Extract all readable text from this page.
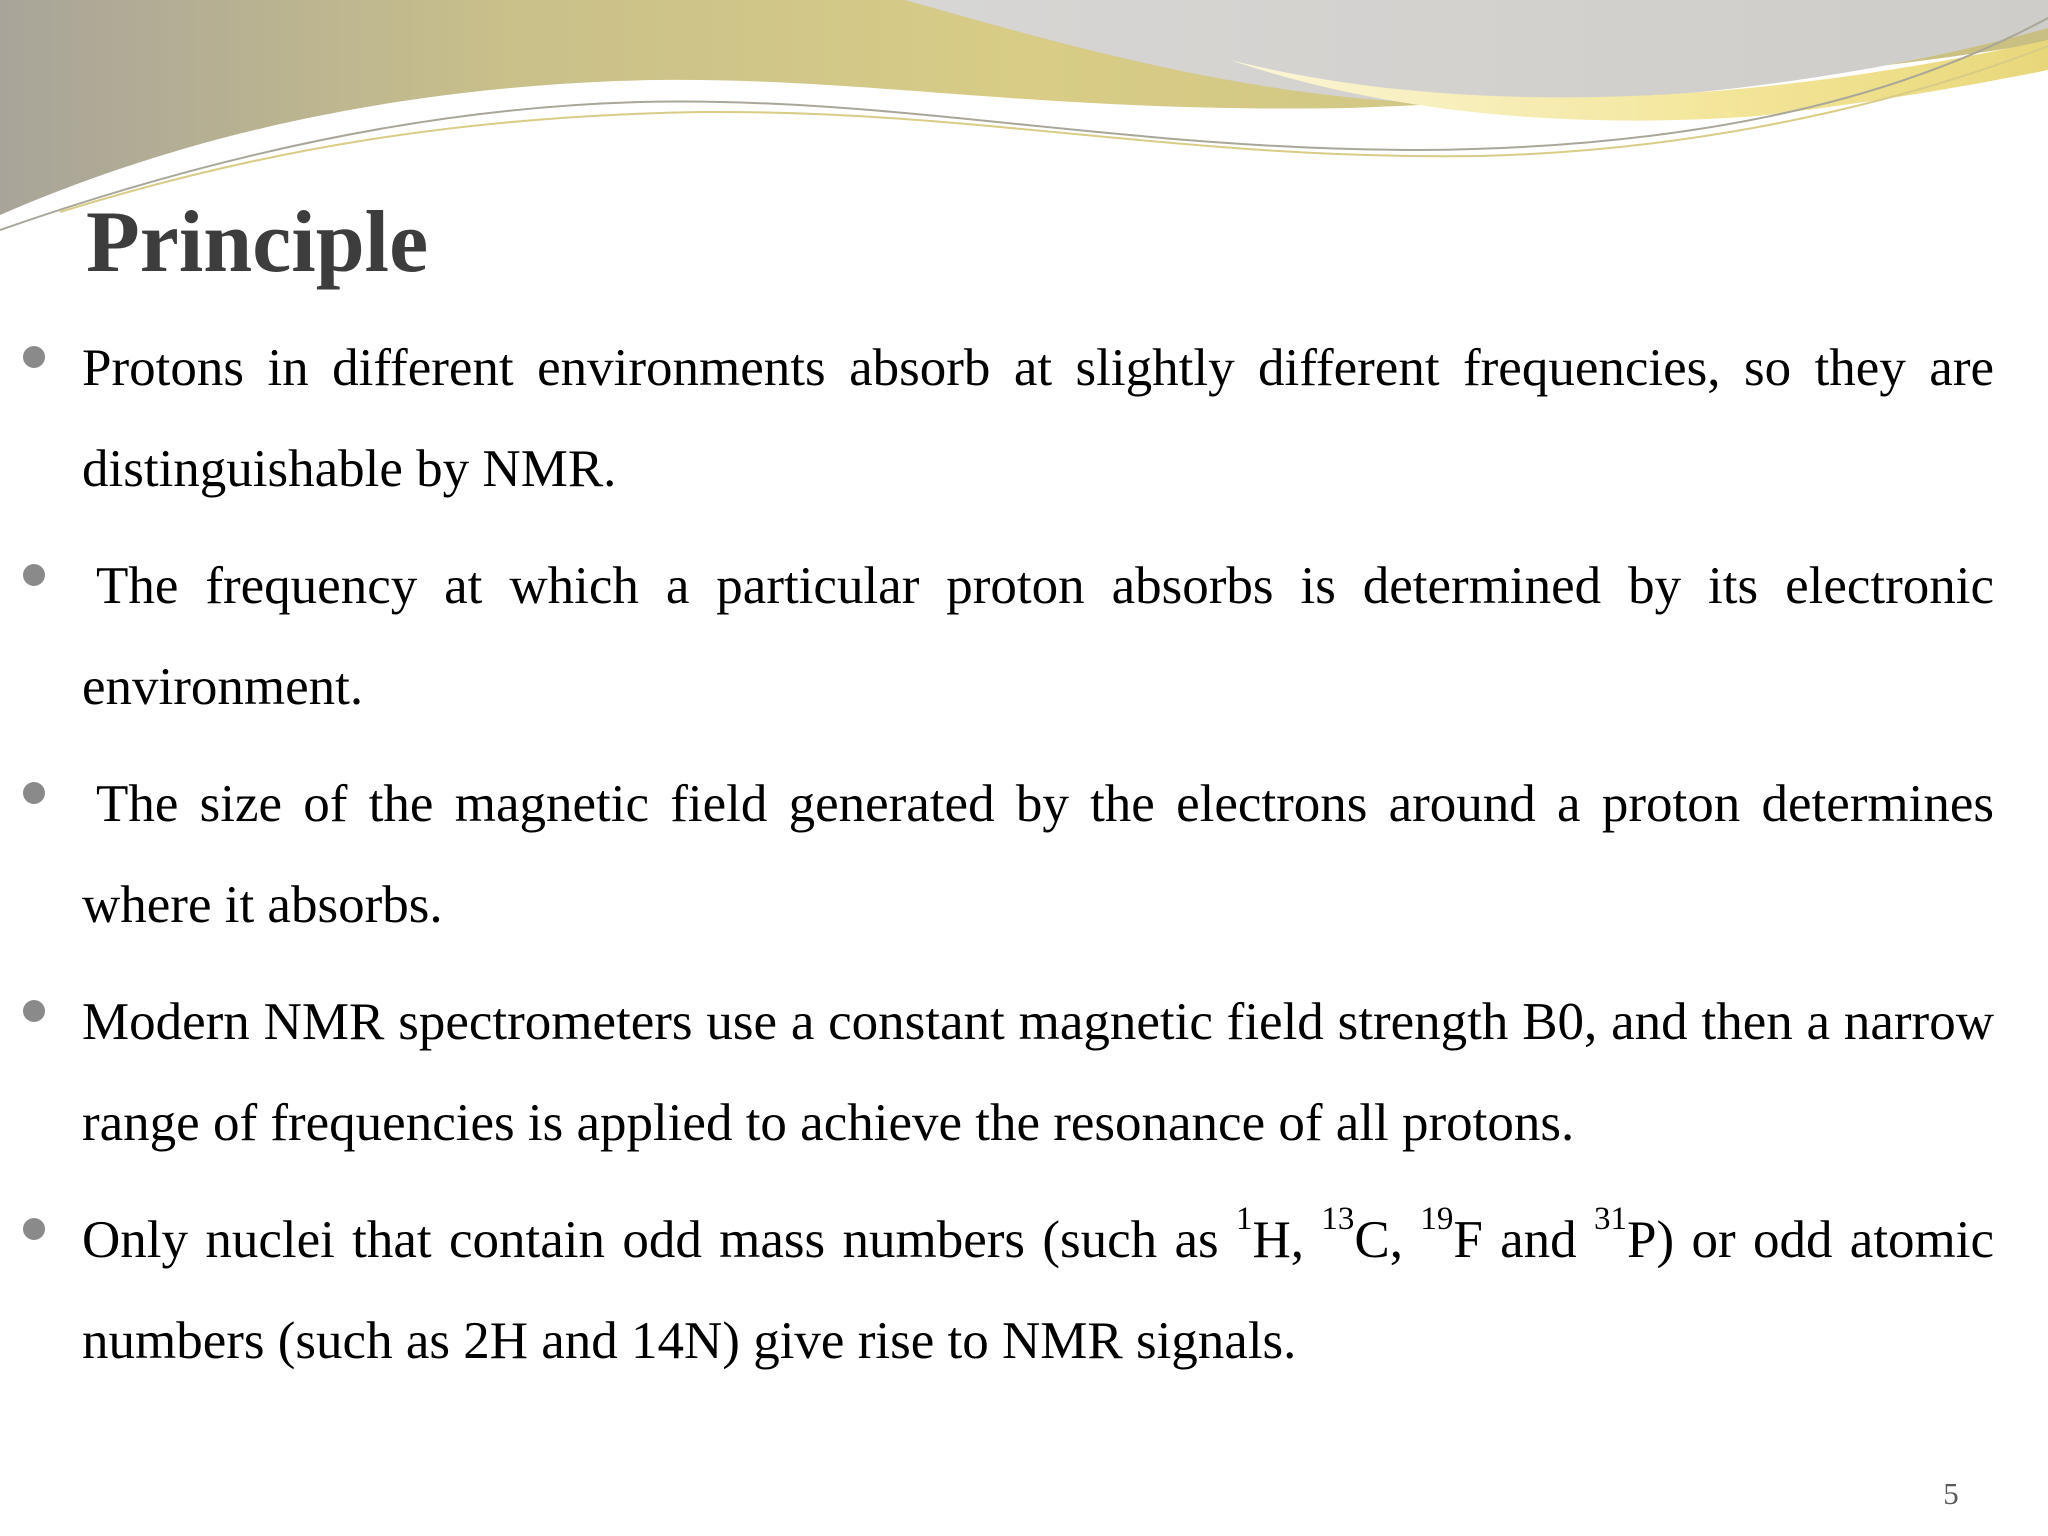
Principle

Protons in different environments absorb at slightly different frequencies, so they are distinguishable by NMR.

The frequency at which a particular proton absorbs is determined by its electronic environment.

The size of the magnetic field generated by the electrons around a proton determines where it absorbs.

Modern NMR spectrometers use a constant magnetic field strength B0, and then a narrow range of frequencies is applied to achieve the resonance of all protons.

Only nuclei that contain odd mass numbers (such as $^1$H, $^{13}$C, $^{19}$F and $^{31}$P) or odd atomic numbers (such as 2H and 14N) give rise to NMR signals.

5
